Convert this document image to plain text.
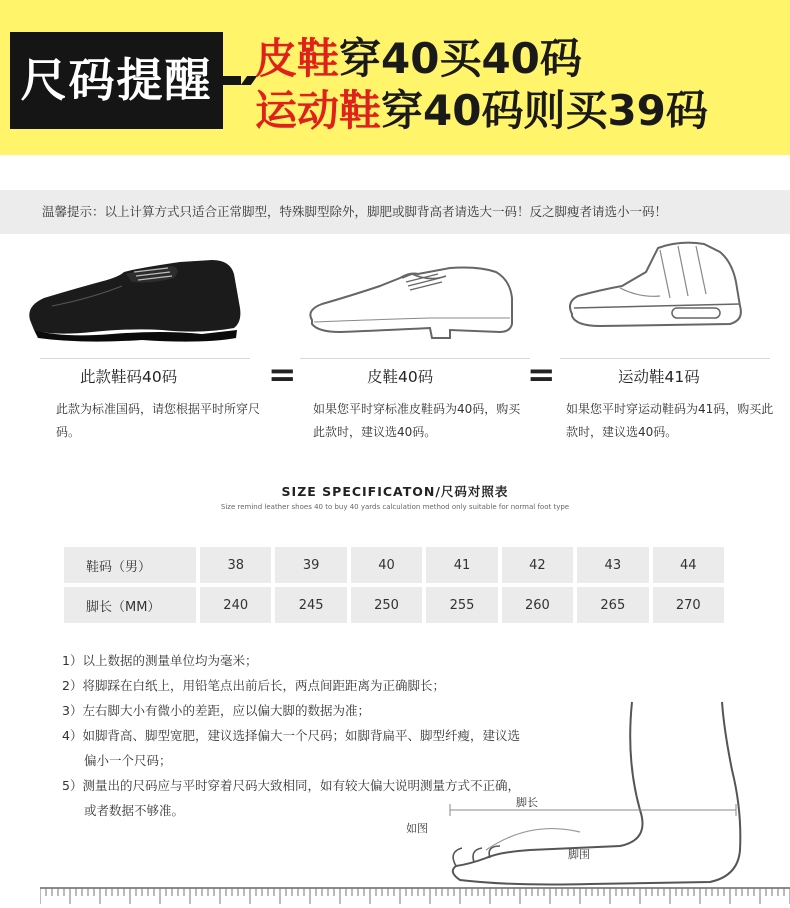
尺码提醒 皮鞋穿40买40码
运动鞋穿40码则买39码
温馨提示：以上计算方式只适合正常脚型，特殊脚型除外，脚肥或脚背高者请选大一码！反之脚瘦者请选小一码！
此款鞋码40码	=	皮鞋40码	=	运动鞋41码
此款为标准国码，请您根据平时所穿尺码。
如果您平时穿标准皮鞋码为40码，购买此款时，建议选40码。
如果您平时穿运动鞋码为41码，购买此款时，建议选40码。
SIZE SPECIFICATON/尺码对照表
Size remind leather shoes 40 to buy 40 yards calculation method only suitable for normal foot type
鞋码（男）	38	39	40	41	42	43	44
脚长（MM）	240	245	250	255	260	265	270
1）以上数据的测量单位均为毫米；
2）将脚踩在白纸上，用铅笔点出前后长，两点间距距离为正确脚长；
3）左右脚大小有微小的差距，应以偏大脚的数据为准；
4）如脚背高、脚型宽肥，建议选择偏大一个尺码；如脚背扁平、脚型纤瘦，建议选
偏小一个尺码；
5）测量出的尺码应与平时穿着尺码大致相同，如有较大偏大说明测量方式不正确，
或者数据不够准。
脚长
如图
脚围
